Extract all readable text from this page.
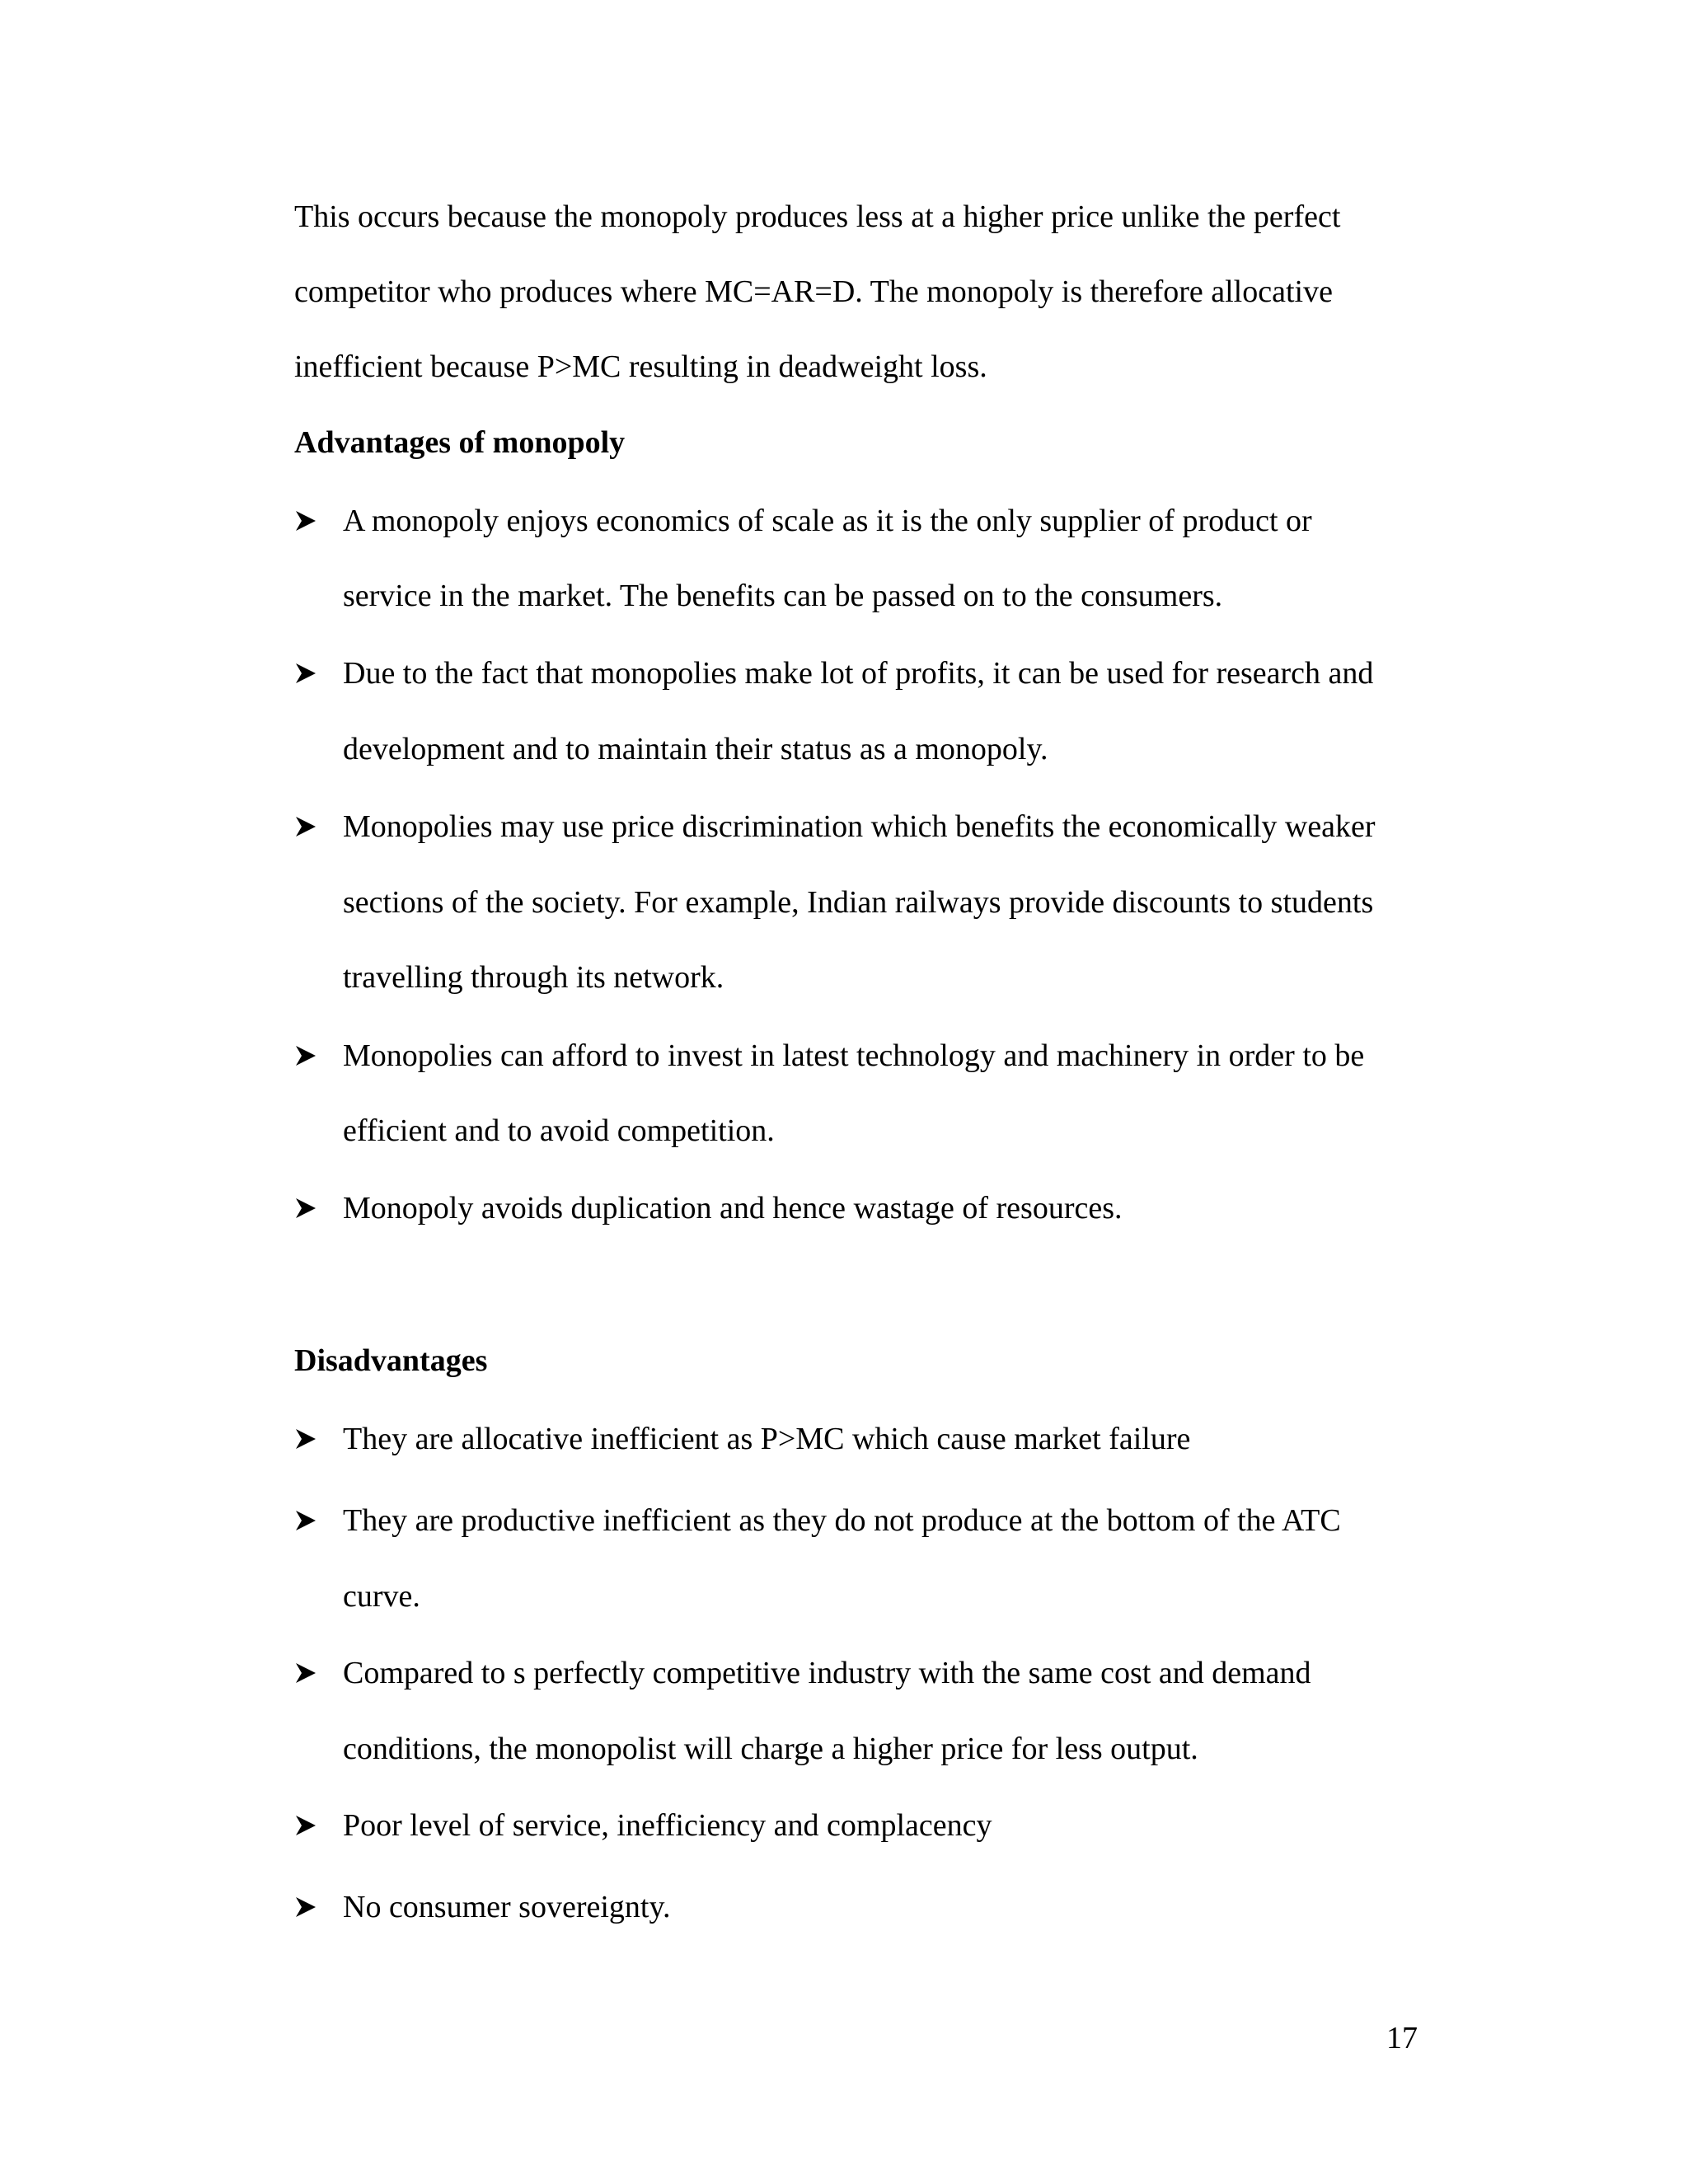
This occurs because the monopoly produces less at a higher price unlike the perfect
competitor who produces where MC=AR=D. The monopoly is therefore allocative
inefficient because P>MC resulting in deadweight loss.
Advantages of monopoly
A monopoly enjoys economics of scale as it is the only supplier of product or
service in the market. The benefits can be passed on to the consumers.
Due to the fact that monopolies make lot of profits, it can be used for research and
development and to maintain their status as a monopoly.
Monopolies may use price discrimination which benefits the economically weaker
sections of the society. For example, Indian railways provide discounts to students
travelling through its network.
Monopolies can afford to invest in latest technology and machinery in order to be
efficient and to avoid competition.
Monopoly avoids duplication and hence wastage of resources.
Disadvantages
They are allocative inefficient as P>MC which cause market failure
They are productive inefficient as they do not produce at the bottom of the ATC
curve.
Compared to s perfectly competitive industry with the same cost and demand
conditions, the monopolist will charge a higher price for less output.
Poor level of service, inefficiency and complacency
No consumer sovereignty.
17
